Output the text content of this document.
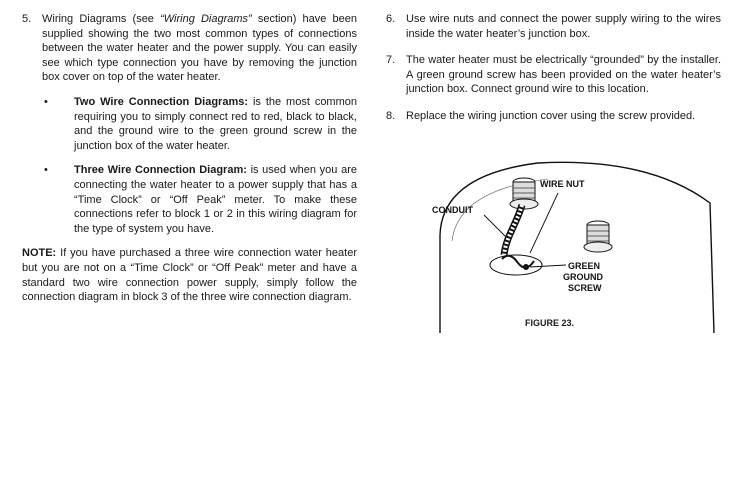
5. Wiring Diagrams (see “Wiring Diagrams” section) have been supplied showing the two most common types of connections between the water heater and the power supply. You can easily see which type connection you have by removing the junction box cover on top of the water heater.
• Two Wire Connection Diagrams: is the most common requiring you to simply connect red to red, black to black, and the ground wire to the green ground screw in the junction box of the water heater.
• Three Wire Connection Diagram: is used when you are connecting the water heater to a power supply that has a “Time Clock” or “Off Peak” meter. To make these connections refer to block 1 or 2 in this wiring diagram for the type of system you have.
NOTE: If you have purchased a three wire connection water heater but you are not on a “Time Clock” or “Off Peak” meter and have a standard two wire connection power supply, simply follow the connection diagram in block 3 of the three wire connection diagram.
6. Use wire nuts and connect the power supply wiring to the wires inside the water heater’s junction box.
7. The water heater must be electrically “grounded” by the installer. A green ground screw has been provided on the water heater’s junction box. Connect ground wire to this location.
8. Replace the wiring junction cover using the screw provided.
WIRE NUT
CONDUIT
GREEN
GROUND
SCREW
FIGURE 23.
